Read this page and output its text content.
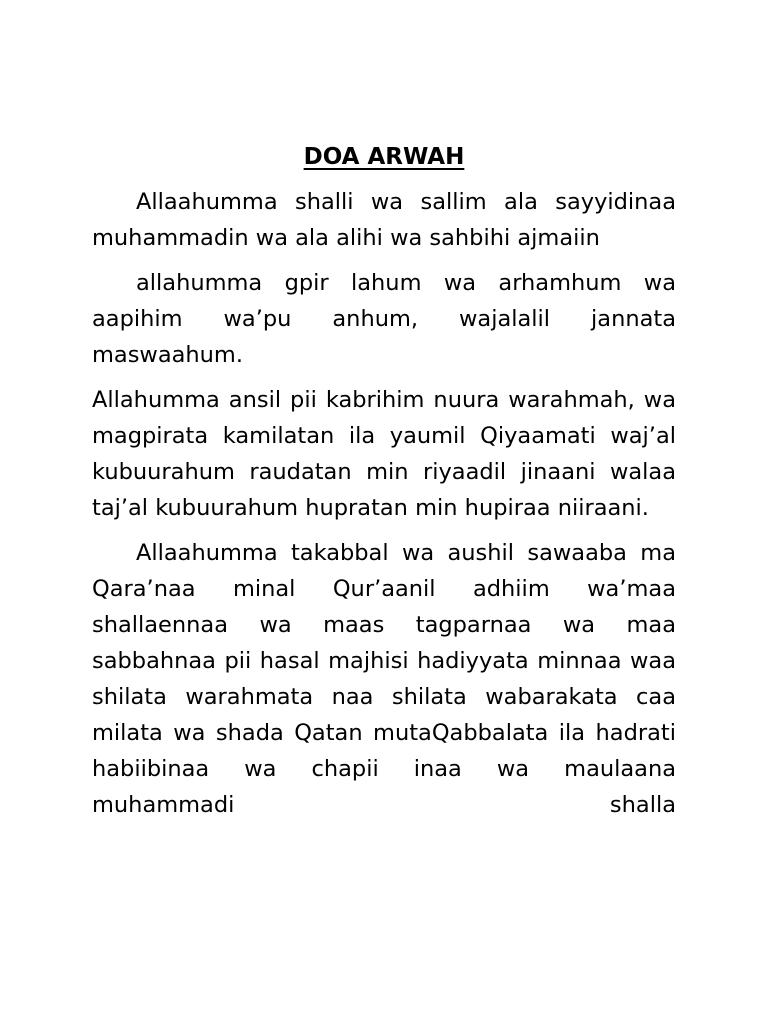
DOA ARWAH

Allaahumma shalli wa sallim ala sayyidinaa muhammadin wa ala alihi wa sahbihi ajmaiin

allahumma gpir lahum wa arhamhum wa aapihim wa’pu anhum, wajalalil jannata maswaahum.

Allahumma ansil pii kabrihim nuura warahmah, wa magpirata kamilatan ila yaumil Qiyaamati waj’al kubuurahum raudatan min riyaadil jinaani walaa taj’al kubuurahum hupratan min hupiraa niiraani.

Allaahumma takabbal wa aushil sawaaba ma Qara’naa minal Qur’aanil adhiim wa’maa shallaennaa wa maas tagparnaa wa maa sabbahnaa pii hasal majhisi hadiyyata minnaa waa shilata warahmata naa shilata wabarakata caa milata wa shada Qatan mutaQabbalata ila hadrati habiibinaa wa chapii inaa wa maulaana muhammadi shalla
